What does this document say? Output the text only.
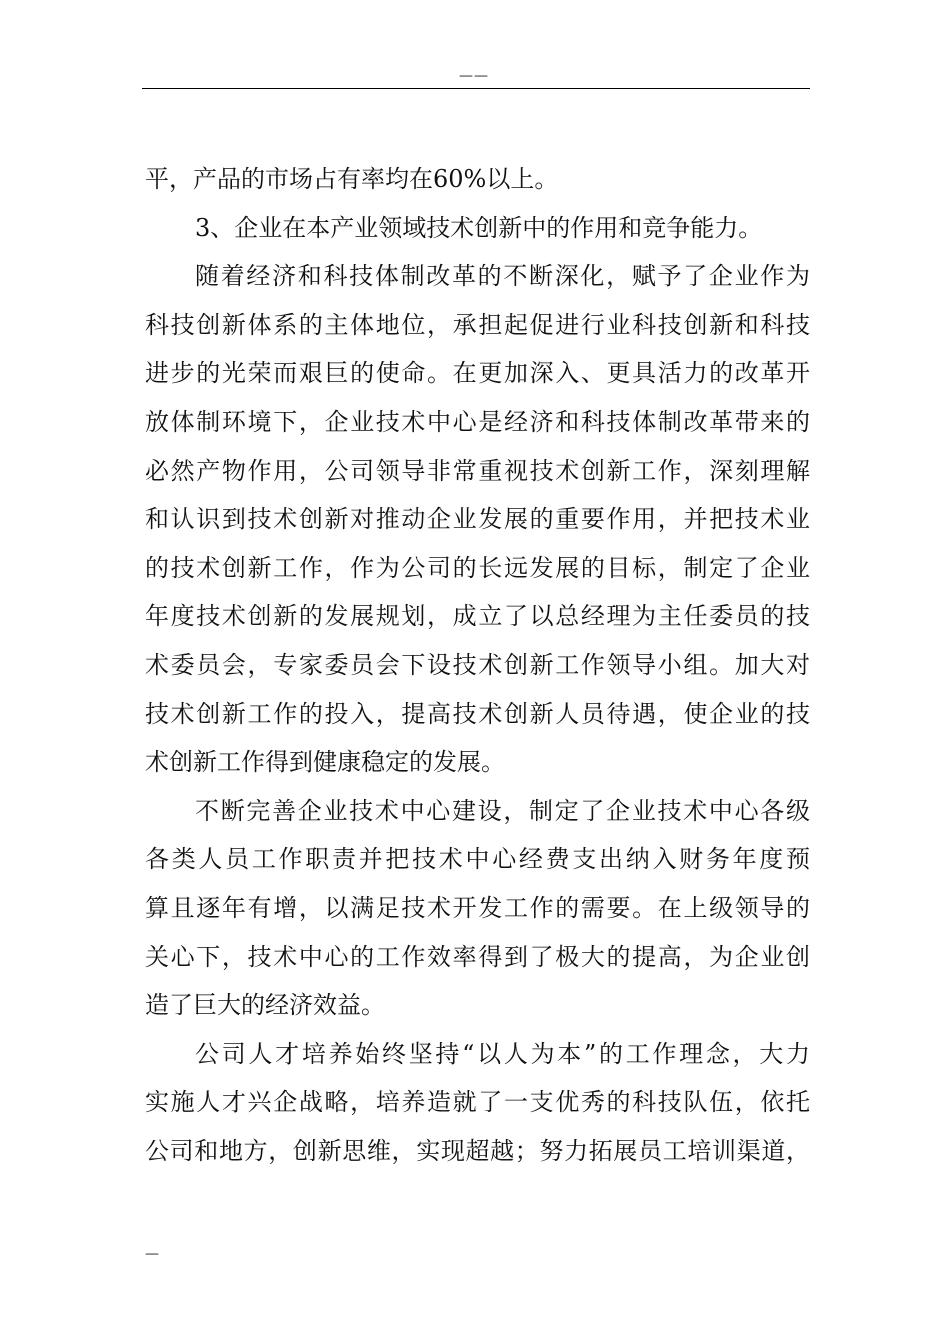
——
平，产品的市场占有率均在60%以上。
3、企业在本产业领域技术创新中的作用和竞争能力。
随着经济和科技体制改革的不断深化，赋予了企业作为
科技创新体系的主体地位，承担起促进行业科技创新和科技
进步的光荣而艰巨的使命。在更加深入、更具活力的改革开
放体制环境下，企业技术中心是经济和科技体制改革带来的
必然产物作用，公司领导非常重视技术创新工作，深刻理解
和认识到技术创新对推动企业发展的重要作用，并把技术业
的技术创新工作，作为公司的长远发展的目标，制定了企业
年度技术创新的发展规划，成立了以总经理为主任委员的技
术委员会，专家委员会下设技术创新工作领导小组。加大对
技术创新工作的投入，提高技术创新人员待遇，使企业的技
术创新工作得到健康稳定的发展。
不断完善企业技术中心建设，制定了企业技术中心各级
各类人员工作职责并把技术中心经费支出纳入财务年度预
算且逐年有增，以满足技术开发工作的需要。在上级领导的
关心下，技术中心的工作效率得到了极大的提高，为企业创
造了巨大的经济效益。
公司人才培养始终坚持“以人为本”的工作理念，大力
实施人才兴企战略，培养造就了一支优秀的科技队伍，依托
公司和地方，创新思维，实现超越；努力拓展员工培训渠道，
—
